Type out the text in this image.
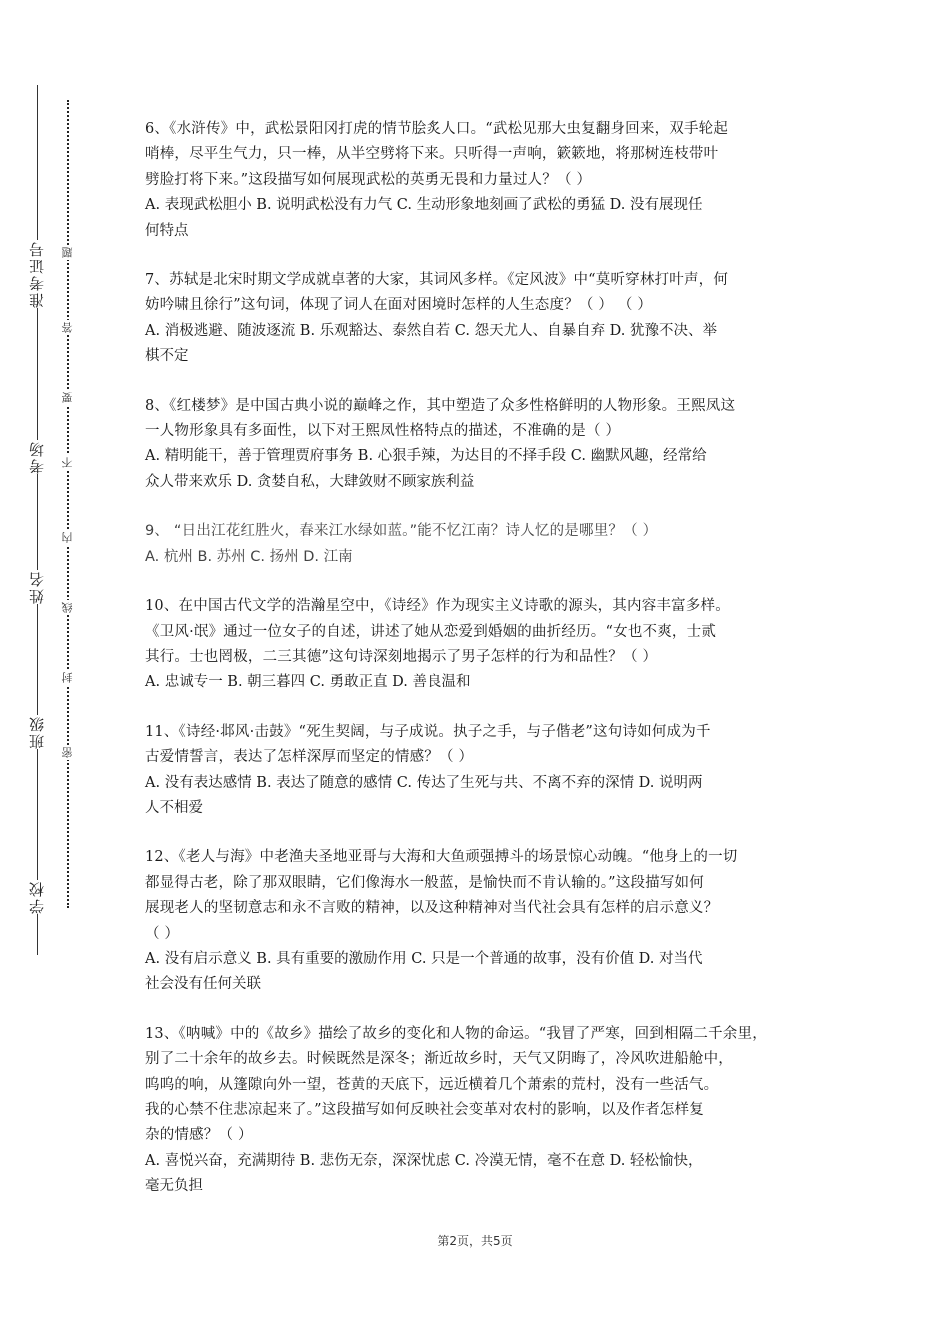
准考证号
考场
姓名
班级
学校
题
答
要
不
内
线
封
密

6、《水浒传》中，武松景阳冈打虎的情节脍炙人口。“武松见那大虫复翻身回来，双手轮起

哨棒，尽平生气力，只一棒，从半空劈将下来。只听得一声响，簌簌地，将那树连枝带叶

劈脸打将下来。”这段描写如何展现武松的英勇无畏和力量过人？（ ）

A. 表现武松胆小 B. 说明武松没有力气 C. 生动形象地刻画了武松的勇猛 D. 没有展现任

何特点

7、苏轼是北宋时期文学成就卓著的大家，其词风多样。《定风波》中“莫听穿林打叶声，何

妨吟啸且徐行”这句词，体现了词人在面对困境时怎样的人生态度？（ ） （ ）

A. 消极逃避、随波逐流 B. 乐观豁达、泰然自若 C. 怨天尤人、自暴自弃 D. 犹豫不决、举

棋不定

8、《红楼梦》是中国古典小说的巅峰之作，其中塑造了众多性格鲜明的人物形象。王熙凤这

一人物形象具有多面性，以下对王熙凤性格特点的描述，不准确的是（ ）

A. 精明能干，善于管理贾府事务 B. 心狠手辣，为达目的不择手段 C. 幽默风趣，经常给

众人带来欢乐 D. 贪婪自私，大肆敛财不顾家族利益

9、 “日出江花红胜火，春来江水绿如蓝。”能不忆江南？诗人忆的是哪里？（ ）

A. 杭州 B. 苏州 C. 扬州 D. 江南

10、在中国古代文学的浩瀚星空中，《诗经》作为现实主义诗歌的源头，其内容丰富多样。

《卫风·氓》通过一位女子的自述，讲述了她从恋爱到婚姻的曲折经历。“女也不爽，士贰

其行。士也罔极，二三其德”这句诗深刻地揭示了男子怎样的行为和品性？（ ）

A. 忠诚专一 B. 朝三暮四 C. 勇敢正直 D. 善良温和

11、《诗经·邶风·击鼓》“死生契阔，与子成说。执子之手，与子偕老”这句诗如何成为千

古爱情誓言，表达了怎样深厚而坚定的情感？（ ）

A. 没有表达感情 B. 表达了随意的感情 C. 传达了生死与共、不离不弃的深情 D. 说明两

人不相爱

12、《老人与海》中老渔夫圣地亚哥与大海和大鱼顽强搏斗的场景惊心动魄。“他身上的一切

都显得古老，除了那双眼睛，它们像海水一般蓝，是愉快而不肯认输的。”这段描写如何

展现老人的坚韧意志和永不言败的精神，以及这种精神对当代社会具有怎样的启示意义？

（ ）

A. 没有启示意义 B. 具有重要的激励作用 C. 只是一个普通的故事，没有价值 D. 对当代

社会没有任何关联

13、《呐喊》中的《故乡》描绘了故乡的变化和人物的命运。“我冒了严寒，回到相隔二千余里，

别了二十余年的故乡去。时候既然是深冬；渐近故乡时，天气又阴晦了，冷风吹进船舱中，

呜呜的响，从篷隙向外一望，苍黄的天底下，远近横着几个萧索的荒村，没有一些活气。

我的心禁不住悲凉起来了。”这段描写如何反映社会变革对农村的影响，以及作者怎样复

杂的情感？（ ）

A. 喜悦兴奋，充满期待 B. 悲伤无奈，深深忧虑 C. 冷漠无情，毫不在意 D. 轻松愉快，

毫无负担

第2页，共5页
